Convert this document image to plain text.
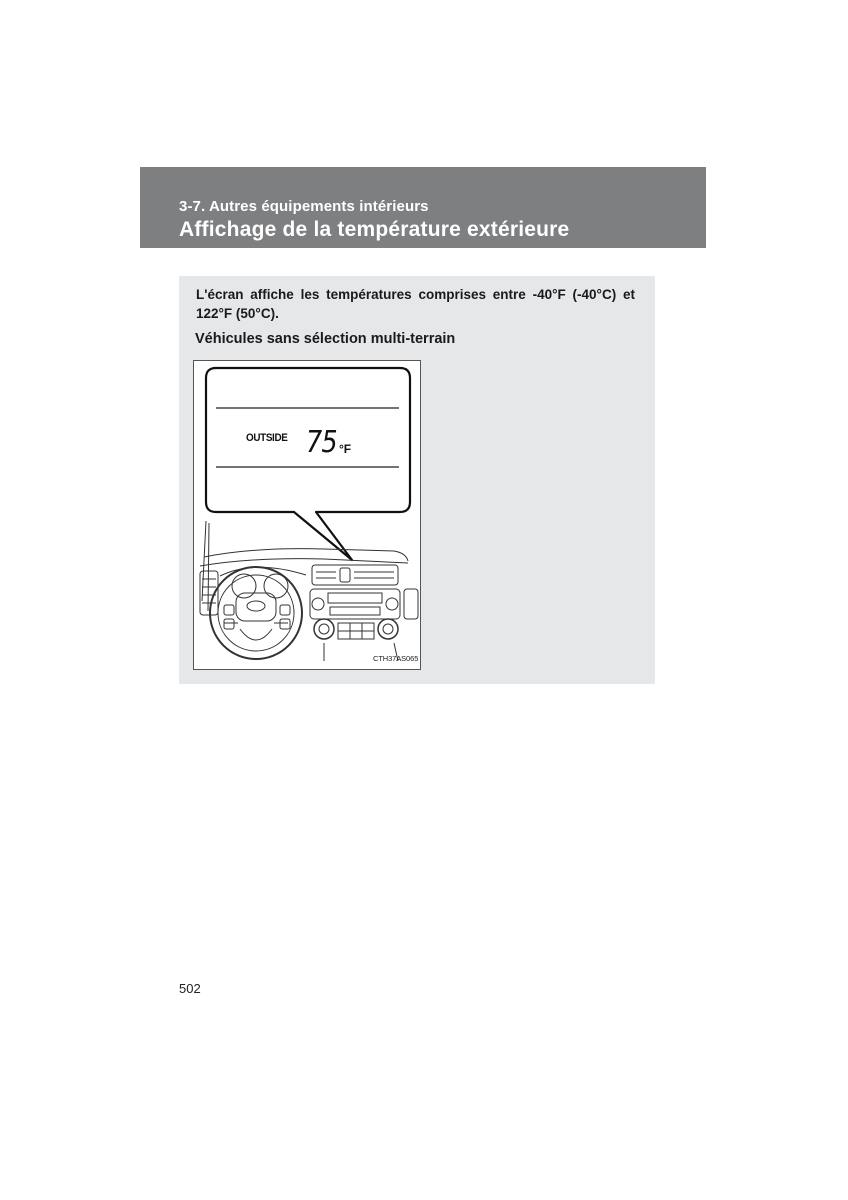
3-7. Autres équipements intérieurs
Affichage de la température extérieure
L'écran affiche les températures comprises entre -40°F (-40°C) et 122°F (50°C).
Véhicules sans sélection multi-terrain
OUTSIDE 75 °F
CTH37AS065
502
